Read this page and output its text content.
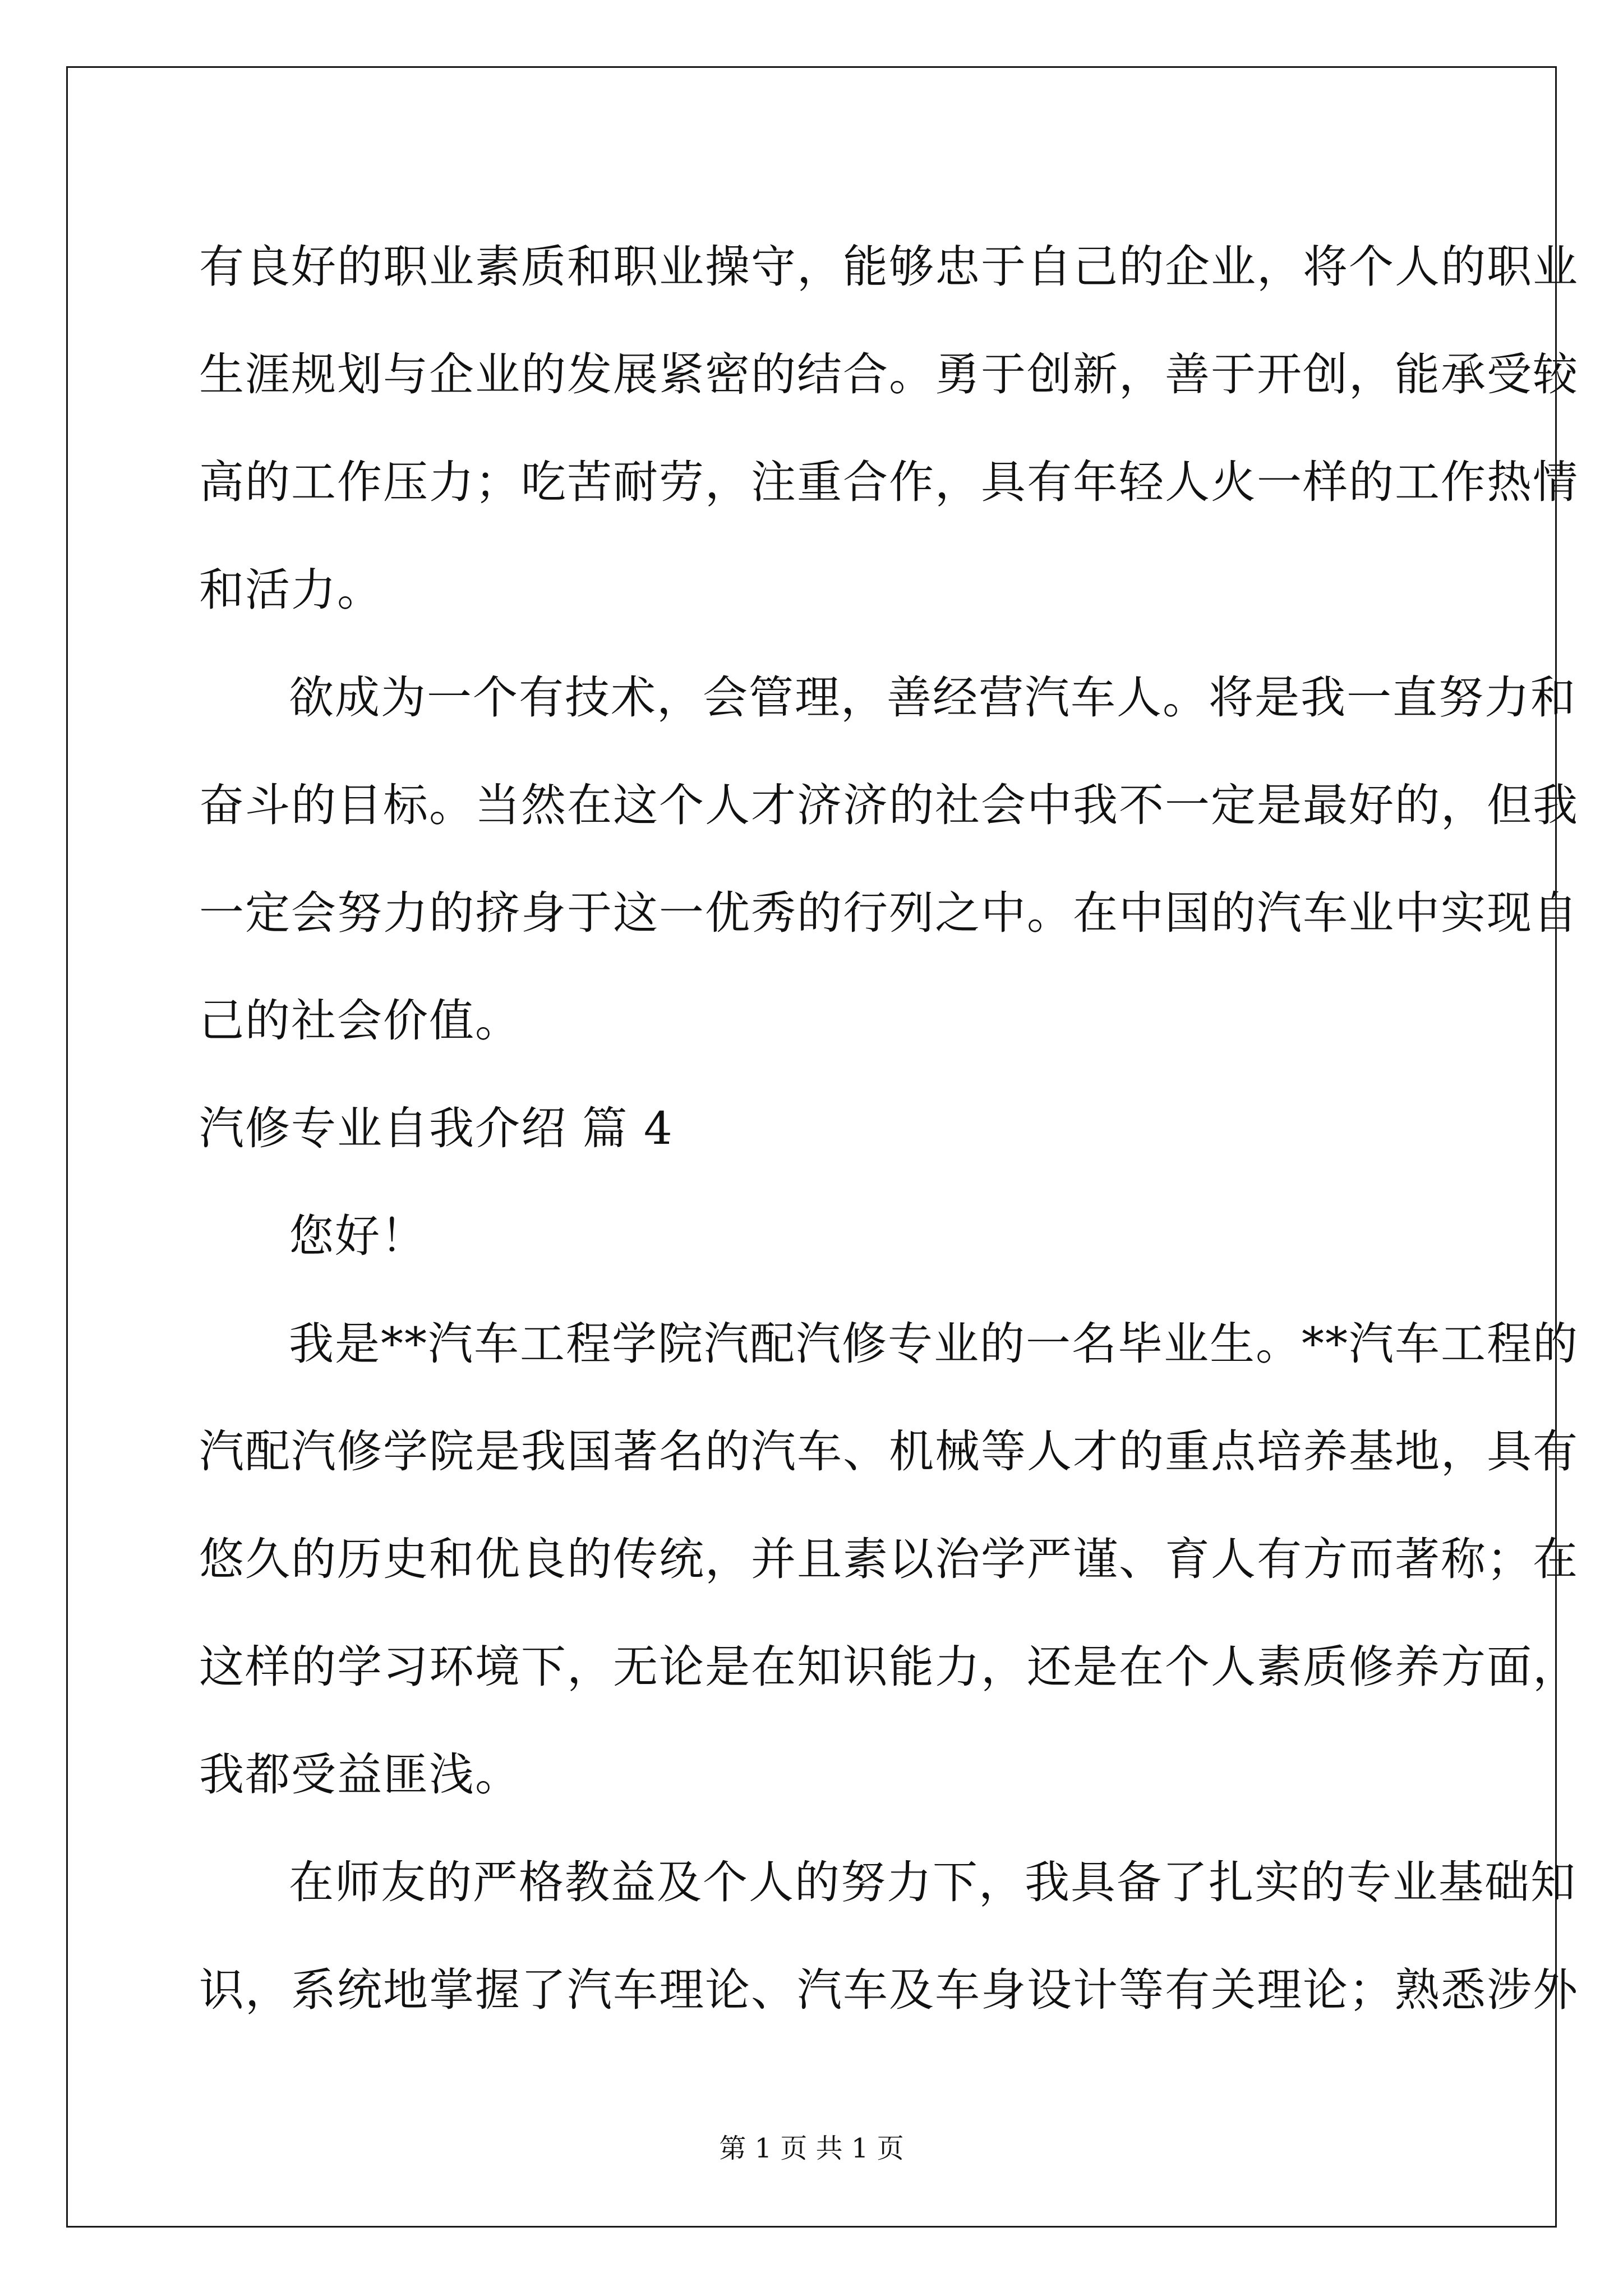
有良好的职业素质和职业操守，能够忠于自己的企业，将个人的职业
生涯规划与企业的发展紧密的结合。勇于创新，善于开创，能承受较
高的工作压力；吃苦耐劳，注重合作，具有年轻人火一样的工作热情
和活力。
欲成为一个有技术，会管理，善经营汽车人。将是我一直努力和
奋斗的目标。当然在这个人才济济的社会中我不一定是最好的，但我
一定会努力的挤身于这一优秀的行列之中。在中国的汽车业中实现自
己的社会价值。
汽修专业自我介绍 篇 4
您好！
我是**汽车工程学院汽配汽修专业的一名毕业生。**汽车工程的
汽配汽修学院是我国著名的汽车、机械等人才的重点培养基地，具有
悠久的历史和优良的传统，并且素以治学严谨、育人有方而著称；在
这样的学习环境下，无论是在知识能力，还是在个人素质修养方面，
我都受益匪浅。
在师友的严格教益及个人的努力下，我具备了扎实的专业基础知
识，系统地掌握了汽车理论、汽车及车身设计等有关理论；熟悉涉外
第 1 页 共 1 页
